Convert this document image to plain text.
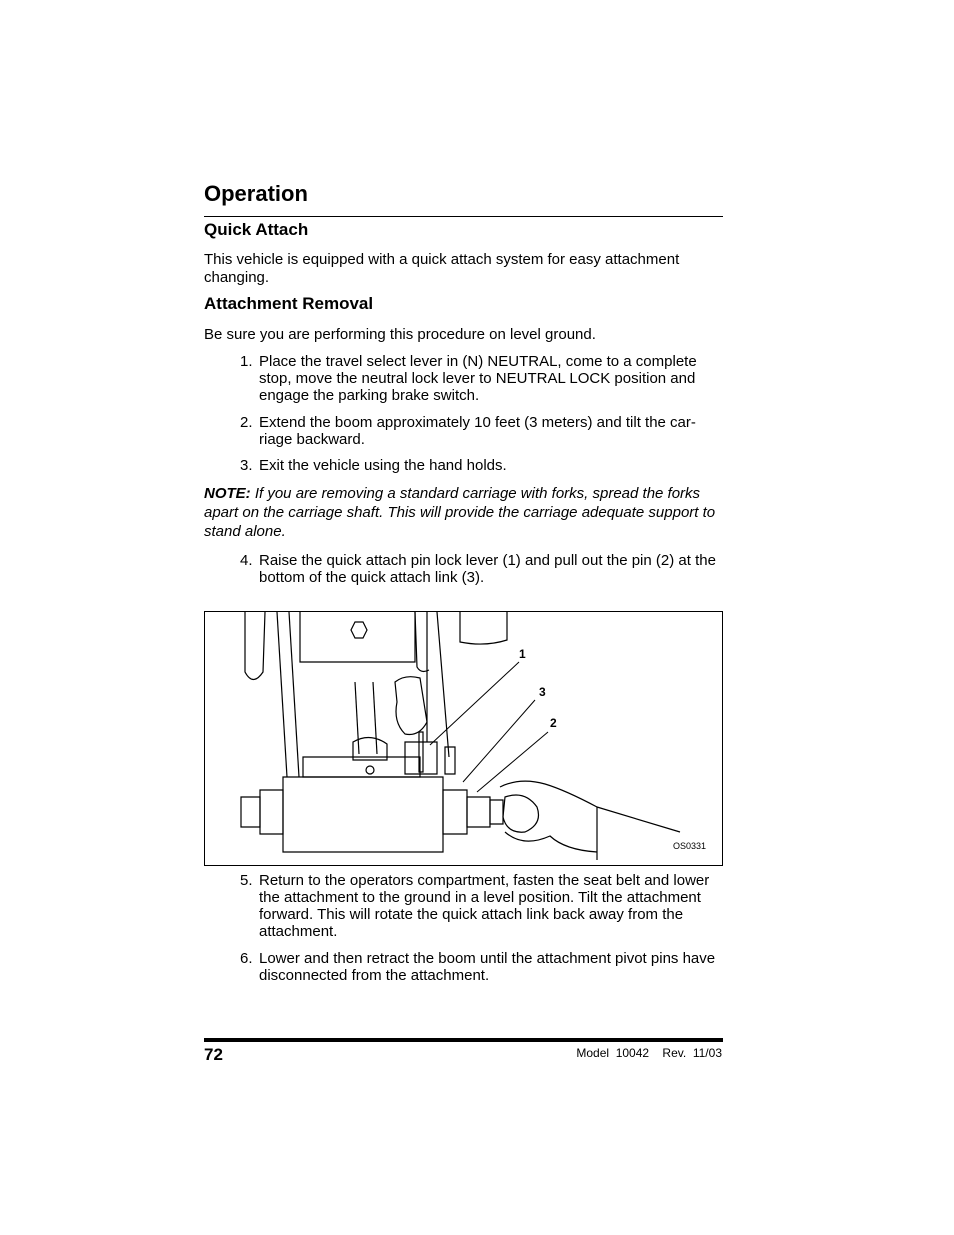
Operation
Quick Attach

This vehicle is equipped with a quick attach system for easy attachment changing.

Attachment Removal

Be sure you are performing this procedure on level ground.

1. Place the travel select lever in (N) NEUTRAL, come to a complete stop, move the neutral lock lever to NEUTRAL LOCK position and engage the parking brake switch.
2. Extend the boom approximately 10 feet (3 meters) and tilt the car-riage backward.
3. Exit the vehicle using the hand holds.
NOTE: If you are removing a standard carriage with forks, spread the forks apart on the carriage shaft. This will provide the carriage adequate support to stand alone.
4. Raise the quick attach pin lock lever (1) and pull out the pin (2) at the bottom of the quick attach link (3).
1
3
2
OS0331
5. Return to the operators compartment, fasten the seat belt and lower the attachment to the ground in a level position. Tilt the attachment forward. This will rotate the quick attach link back away from the attachment.
6. Lower and then retract the boom until the attachment pivot pins have disconnected from the attachment.
72	Model  10042    Rev.  11/03
